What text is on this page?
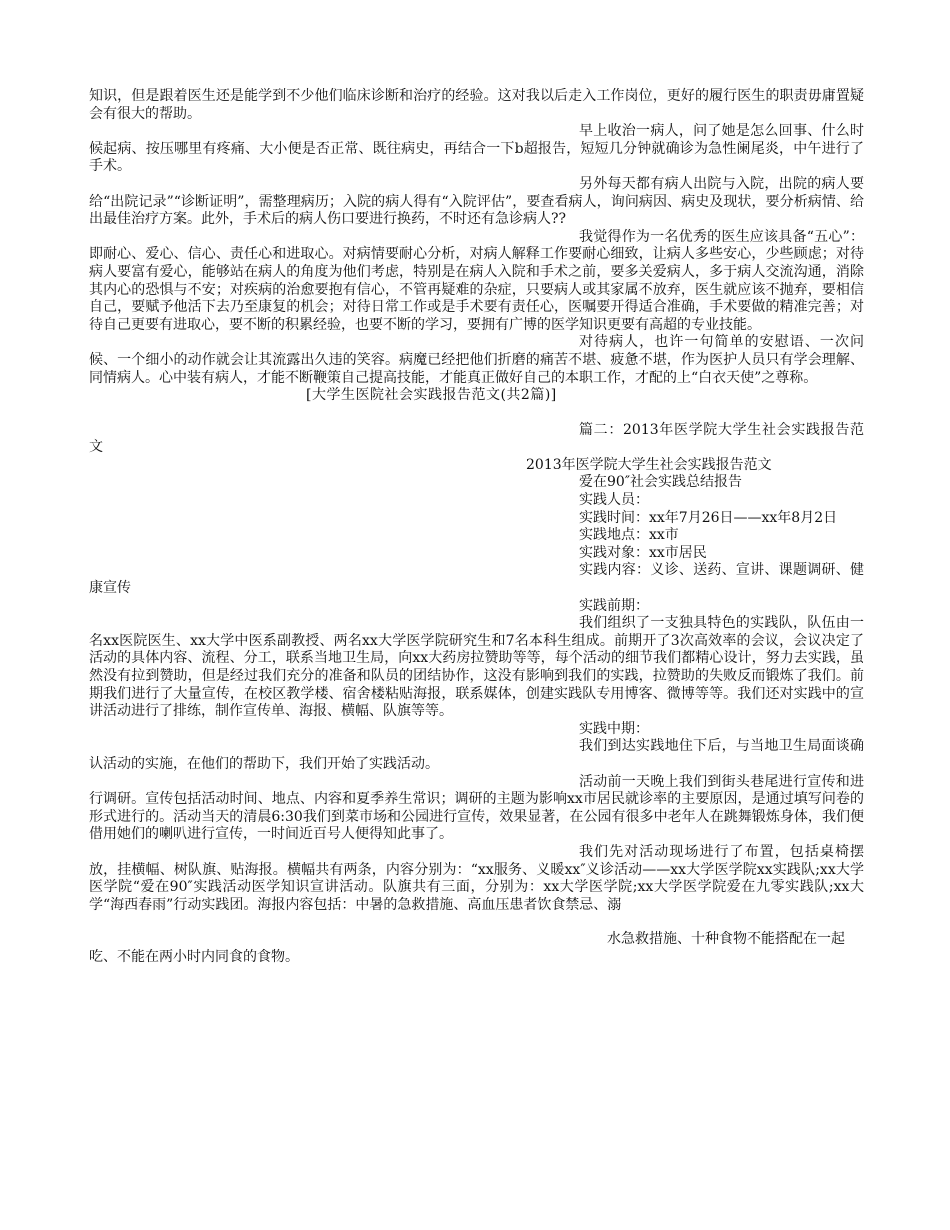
知识，但是跟着医生还是能学到不少他们临床诊断和治疗的经验。这对我以后走入工作岗位，更好的履行医生的职责毋庸置疑会有很大的帮助。

早上收治一病人，问了她是怎么回事、什么时候起病、按压哪里有疼痛、大小便是否正常、既往病史，再结合一下b超报告，短短几分钟就确诊为急性阑尾炎，中午进行了手术。

另外每天都有病人出院与入院，出院的病人要给“出院记录”“诊断证明”，需整理病历；入院的病人得有“入院评估”，要查看病人，询问病因、病史及现状，要分析病情、给出最佳治疗方案。此外，手术后的病人伤口要进行换药，不时还有急诊病人??

我觉得作为一名优秀的医生应该具备“五心”：即耐心、爱心、信心、责任心和进取心。对病情要耐心分析，对病人解释工作要耐心细致，让病人多些安心，少些顾虑；对待病人要富有爱心，能够站在病人的角度为他们考虑，特别是在病人入院和手术之前，要多关爱病人，多于病人交流沟通，消除其内心的恐惧与不安；对疾病的治愈要抱有信心，不管再疑难的杂症，只要病人或其家属不放弃，医生就应该不抛弃，要相信自己，要赋予他活下去乃至康复的机会；对待日常工作或是手术要有责任心，医嘱要开得适合准确，手术要做的精准完善；对待自己更要有进取心，要不断的积累经验，也要不断的学习，要拥有广博的医学知识更要有高超的专业技能。

对待病人，也许一句简单的安慰语、一次问候、一个细小的动作就会让其流露出久违的笑容。病魔已经把他们折磨的痛苦不堪、疲惫不堪，作为医护人员只有学会理解、同情病人。心中装有病人，才能不断鞭策自己提高技能，才能真正做好自己的本职工作，才配的上“白衣天使”之尊称。

[大学生医院社会实践报告范文(共2篇)]

篇二：2013年医学院大学生社会实践报告范文

2013年医学院大学生社会实践报告范文

爱在90″社会实践总结报告

实践人员：

实践时间：xx年7月26日——xx年8月2日

实践地点：xx市

实践对象：xx市居民

实践内容：义诊、送药、宣讲、课题调研、健康宣传

实践前期：

我们组织了一支独具特色的实践队，队伍由一名xx医院医生、xx大学中医系副教授、两名xx大学医学院研究生和7名本科生组成。前期开了3次高效率的会议，会议决定了活动的具体内容、流程、分工，联系当地卫生局，向xx大药房拉赞助等等，每个活动的细节我们都精心设计，努力去实践，虽然没有拉到赞助，但是经过我们充分的准备和队员的团结协作，这没有影响到我们的实践，拉赞助的失败反而锻炼了我们。前期我们进行了大量宣传，在校区教学楼、宿舍楼粘贴海报，联系媒体，创建实践队专用博客、微博等等。我们还对实践中的宣讲活动进行了排练，制作宣传单、海报、横幅、队旗等等。

实践中期：

我们到达实践地住下后，与当地卫生局面谈确认活动的实施，在他们的帮助下，我们开始了实践活动。

活动前一天晚上我们到街头巷尾进行宣传和进行调研。宣传包括活动时间、地点、内容和夏季养生常识；调研的主题为影响xx市居民就诊率的主要原因，是通过填写问卷的形式进行的。活动当天的清晨6:30我们到菜市场和公园进行宣传，效果显著，在公园有很多中老年人在跳舞锻炼身体，我们便借用她们的喇叭进行宣传，一时间近百号人便得知此事了。

我们先对活动现场进行了布置，包括桌椅摆放，挂横幅、树队旗、贴海报。横幅共有两条，内容分别为：“xx服务、义暖xx″义诊活动——xx大学医学院xx实践队;xx大学医学院“爱在90″实践活动医学知识宣讲活动。队旗共有三面，分别为：xx大学医学院;xx大学医学院爱在九零实践队;xx大学“海西春雨”行动实践团。海报内容包括：中暑的急救措施、高血压患者饮食禁忌、溺

水急救措施、十种食物不能搭配在一起吃、不能在两小时内同食的食物。
